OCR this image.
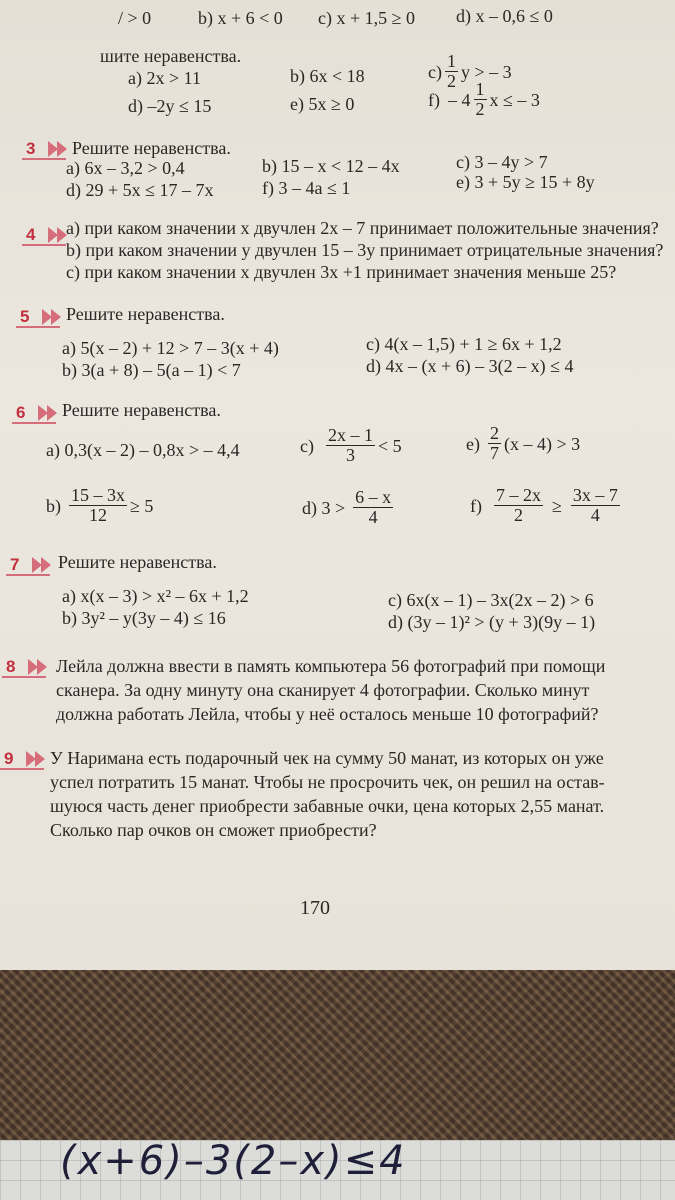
/ > 0	b) x + 6 < 0 c) x + 1,5 ≥ 0 d) x – 0,6 ≤ 0
шите неравенства.
a) 2x > 11	b) 6x < 18	$c) \frac{1}{2}$ y > – 3
d) –2y ≤ 15	e) 5x ≥ 0	$f) - 4 \frac{1}{2}$ x ≤ – 3
3	Решите неравенства.
a) 6x – 3,2 > 0,4	b) 15 – x < 12 – 4x	c) 3 – 4y > 7
d) 29 + 5x ≤ 17 – 7x	f) 3 – 4a ≤ 1	e) 3 + 5y ≥ 15 + 8y
4	a) при каком значении x двучлен 2x – 7 принимает положительные значения?
b) при каком значении y двучлен 15 – 3y принимает отрицательные значения?
c) при каком значении x двучлен 3x +1 принимает значения меньше 25?
5	Решите неравенства.
a) 5(x – 2) + 12 > 7 – 3(x + 4)	c) 4(x – 1,5) + 1 ≥ 6x + 1,2
b) 3(a + 8) – 5(a – 1) < 7	d) 4x – (x + 6) – 3(2 – x) ≤ 4
6	Решите неравенства.
a) 0,3(x – 2) – 0,8x > – 4,4	$c) \frac{2x - 1}{3} < 5$	$e) \frac{2}{7} (x - 4) > 3$
$b) \frac{15 - 3x}{12} \ge 5$	d) $3 > \frac{6 - x}{4}$	$f) \frac{7 - 2x}{2} \ge \frac{3x - 7}{4}$
7	Решите неравенства.
a) x(x – 3) > x² – 6x + 1,2	c) 6x(x – 1) – 3x(2x – 2) > 6
b) 3y² – y(3y – 4) ≤ 16	d) (3y – 1)² > (y + 3)(9y – 1)
8	Лейла должна ввести в память компьютера 56 фотографий при помощи
сканера. За одну минуту она сканирует 4 фотографии. Сколько минут
должна работать Лейла, чтобы у неё осталось меньше 10 фотографий?
9	У Наримана есть подарочный чек на сумму 50 манат, из которых он уже
успел потратить 15 манат. Чтобы не просрочить чек, он решил на остав-
шуюся часть денег приобрести забавные очки, цена которых 2,55 манат.
Сколько пар очков он сможет приобрести?
170
(x+6)–3(2–x)≤4
